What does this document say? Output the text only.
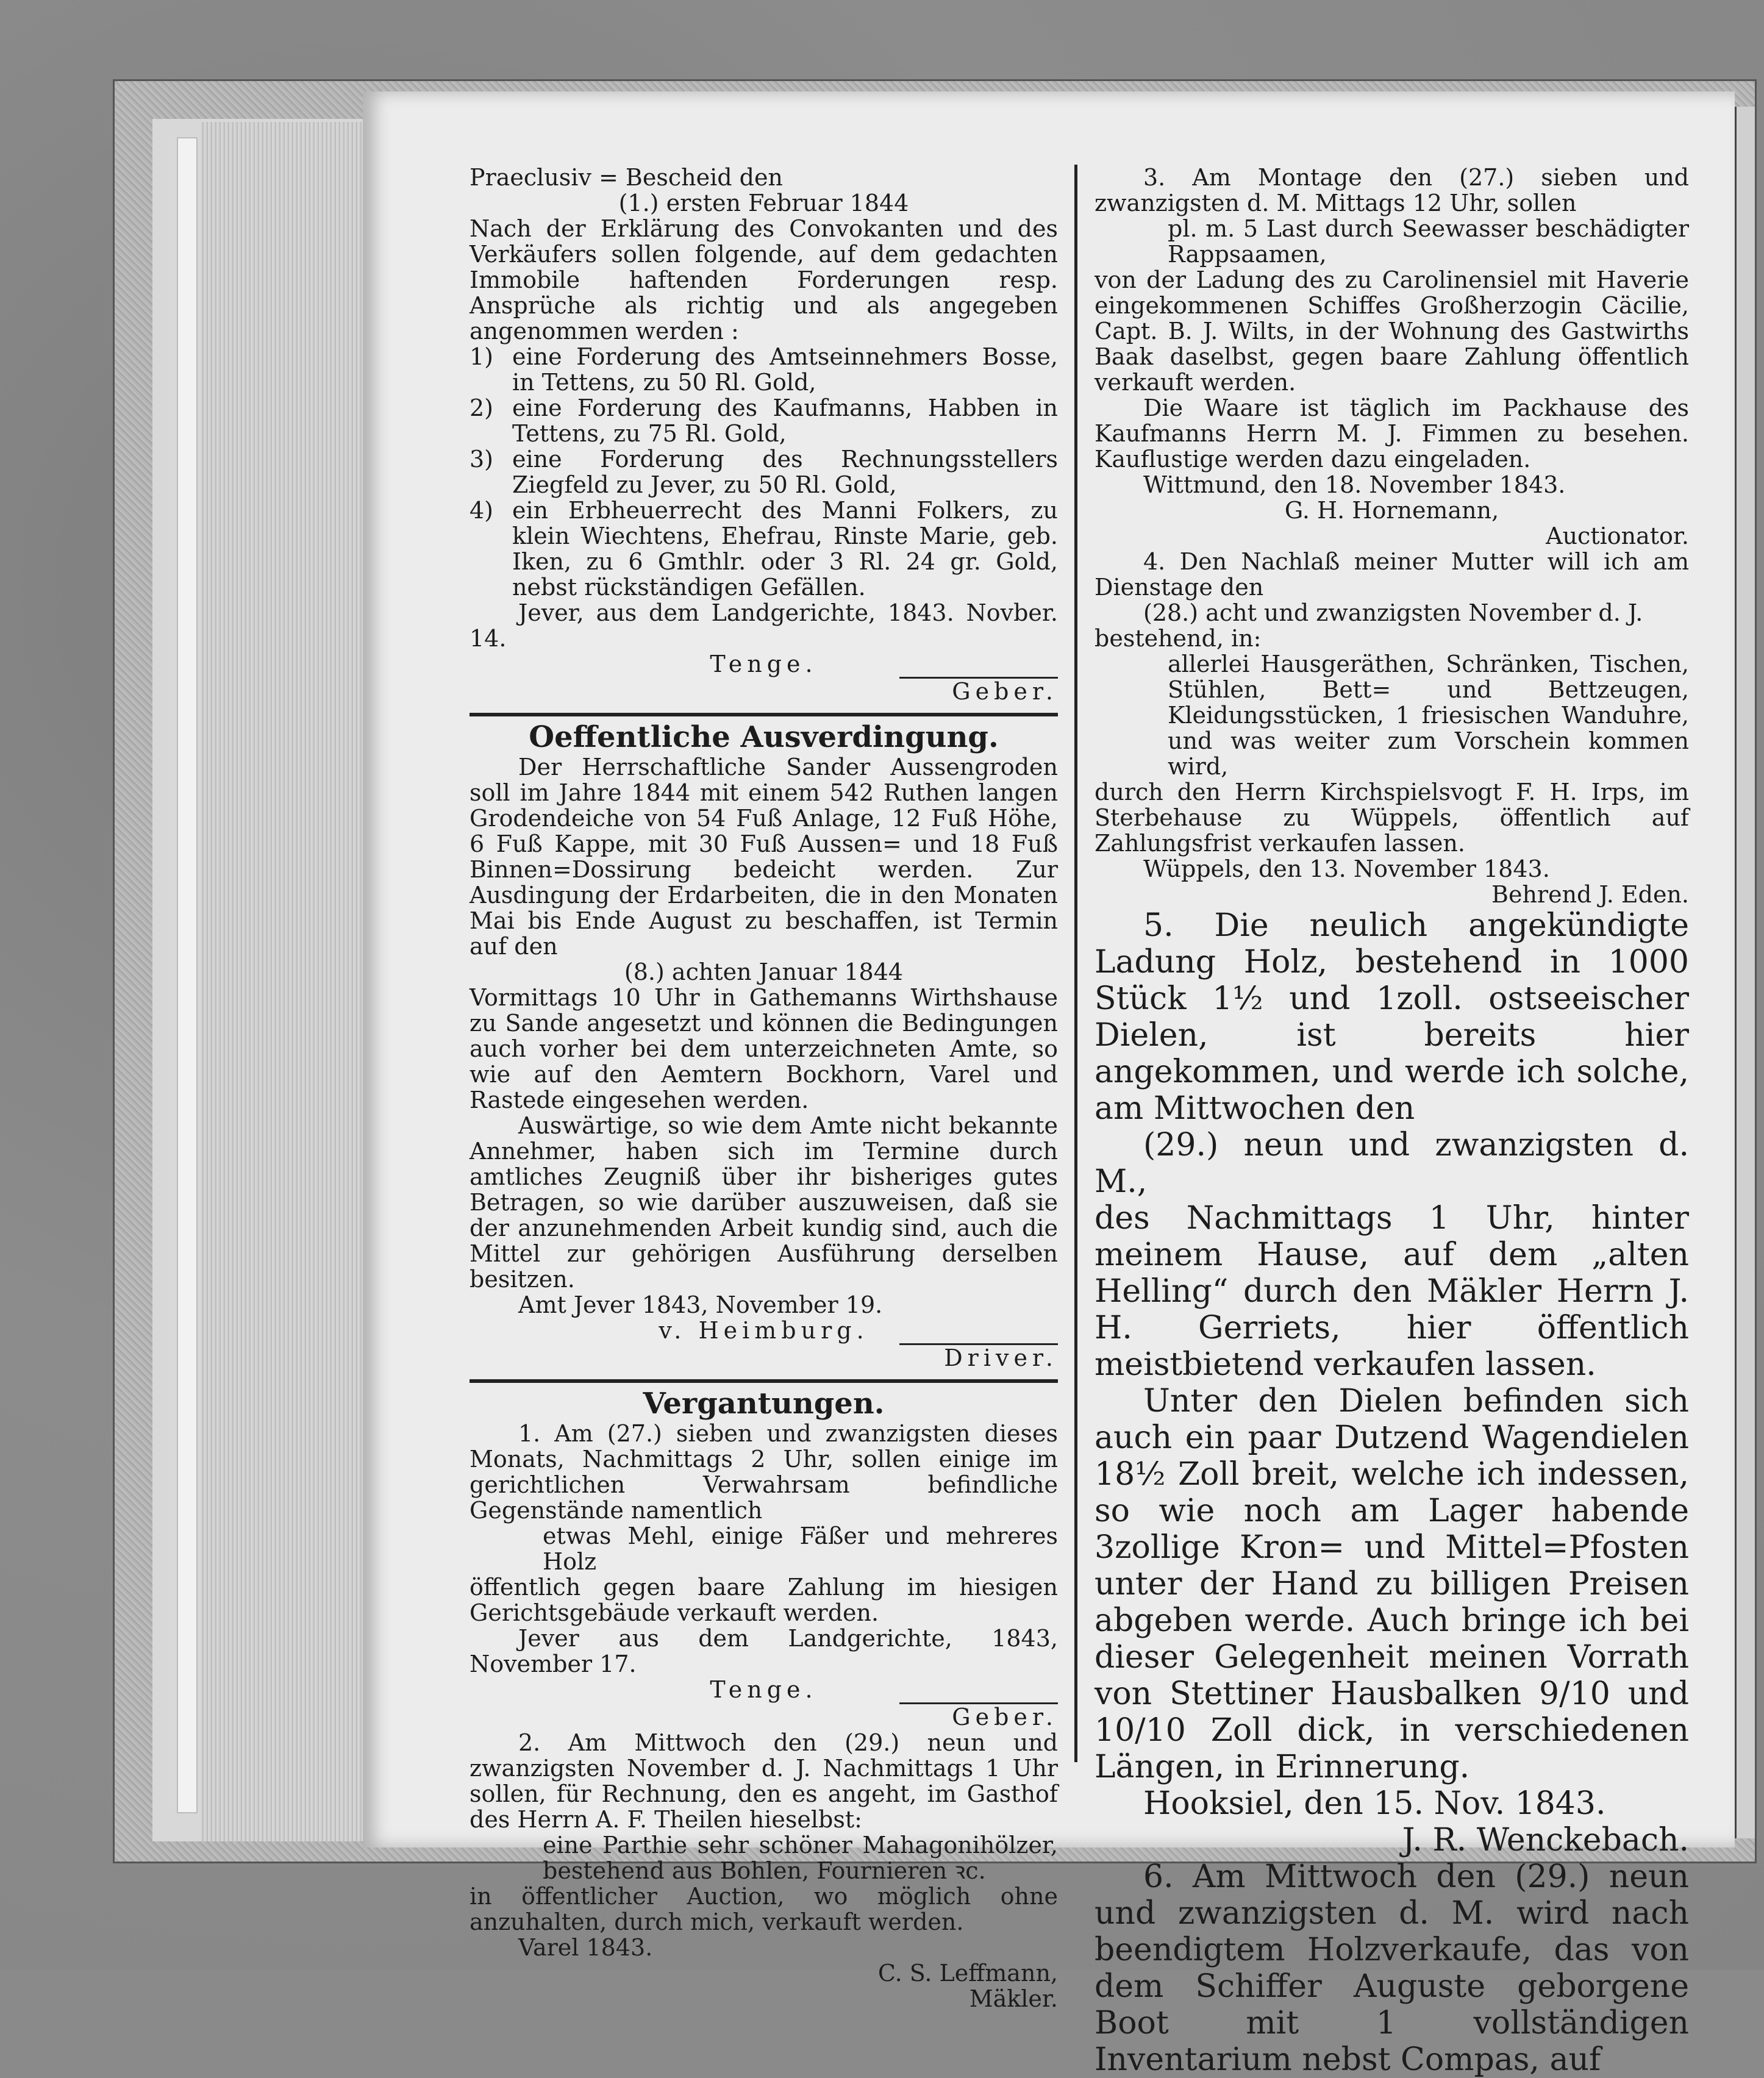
Praeclusiv = Bescheid den

(1.) ersten Februar 1844

Nach der Erklärung des Convokanten und des Verkäufers sollen folgende, auf dem gedachten Immobile haftenden Forderungen resp. Ansprüche als richtig und als angegeben angenommen werden :

1) eine Forderung des Amtseinnehmers Bosse, in Tettens, zu 50 Rl. Gold,
2) eine Forderung des Kaufmanns, Habben in Tettens, zu 75 Rl. Gold,
3) eine Forderung des Rechnungsstellers Ziegfeld zu Jever, zu 50 Rl. Gold,
4) ein Erbheuerrecht des Manni Folkers, zu klein Wiechtens, Ehefrau, Rinste Marie, geb. Iken, zu 6 Gmthlr. oder 3 Rl. 24 gr. Gold, nebst rückständigen Gefällen.

Jever, aus dem Landgerichte, 1843. Novber. 14.

Tenge.

Geber.

Oeffentliche Ausverdingung.

Der Herrschaftliche Sander Aussengroden soll im Jahre 1844 mit einem 542 Ruthen langen Grodendeiche von 54 Fuß Anlage, 12 Fuß Höhe, 6 Fuß Kappe, mit 30 Fuß Aussen= und 18 Fuß Binnen=Dossirung bedeicht werden. Zur Ausdingung der Erdarbeiten, die in den Monaten Mai bis Ende August zu beschaffen, ist Termin auf den

(8.) achten Januar 1844

Vormittags 10 Uhr in Gathemanns Wirthshause zu Sande angesetzt und können die Bedingungen auch vorher bei dem unterzeichneten Amte, so wie auf den Aemtern Bockhorn, Varel und Rastede eingesehen werden.

Auswärtige, so wie dem Amte nicht bekannte Annehmer, haben sich im Termine durch amtliches Zeugniß über ihr bisheriges gutes Betragen, so wie darüber auszuweisen, daß sie der anzunehmenden Arbeit kundig sind, auch die Mittel zur gehörigen Ausführung derselben besitzen.

Amt Jever 1843, November 19.

v. Heimburg.

Driver.

Vergantungen.

1. Am (27.) sieben und zwanzigsten dieses Monats, Nachmittags 2 Uhr, sollen einige im gerichtlichen Verwahrsam befindliche Gegenstände namentlich

etwas Mehl, einige Fäßer und mehreres Holz

öffentlich gegen baare Zahlung im hiesigen Gerichtsgebäude verkauft werden.

Jever aus dem Landgerichte, 1843, November 17.

Tenge.

Geber.

2. Am Mittwoch den (29.) neun und zwanzigsten November d. J. Nachmittags 1 Uhr sollen, für Rechnung, den es angeht, im Gasthof des Herrn A. F. Theilen hieselbst:

eine Parthie sehr schöner Mahagonihölzer, bestehend aus Bohlen, Fournieren ꝛc.

in öffentlicher Auction, wo möglich ohne anzuhalten, durch mich, verkauft werden.

Varel 1843.

C. S. Leffmann,

Mäkler.

3. Am Montage den (27.) sieben und zwanzigsten d. M. Mittags 12 Uhr, sollen

pl. m. 5 Last durch Seewasser beschädigter Rappsaamen,

von der Ladung des zu Carolinensiel mit Haverie eingekommenen Schiffes Großherzogin Cäcilie, Capt. B. J. Wilts, in der Wohnung des Gastwirths Baak daselbst, gegen baare Zahlung öffentlich verkauft werden.

Die Waare ist täglich im Packhause des Kaufmanns Herrn M. J. Fimmen zu besehen. Kauflustige werden dazu eingeladen.

Wittmund, den 18. November 1843.

G. H. Hornemann,

Auctionator.

4. Den Nachlaß meiner Mutter will ich am Dienstage den

(28.) acht und zwanzigsten November d. J.

bestehend, in:

allerlei Hausgeräthen, Schränken, Tischen, Stühlen, Bett= und Bettzeugen, Kleidungsstücken, 1 friesischen Wanduhre, und was weiter zum Vorschein kommen wird,

durch den Herrn Kirchspielsvogt F. H. Irps, im Sterbehause zu Wüppels, öffentlich auf Zahlungsfrist verkaufen lassen.

Wüppels, den 13. November 1843.

Behrend J. Eden.

5. Die neulich angekündigte Ladung Holz, bestehend in 1000 Stück 1½ und 1zoll. ostseeischer Dielen, ist bereits hier angekommen, und werde ich solche, am Mittwochen den

(29.) neun und zwanzigsten d. M.,

des Nachmittags 1 Uhr, hinter meinem Hause, auf dem „alten Helling“ durch den Mäkler Herrn J. H. Gerriets, hier öffentlich meistbietend verkaufen lassen.

Unter den Dielen befinden sich auch ein paar Dutzend Wagendielen 18½ Zoll breit, welche ich indessen, so wie noch am Lager habende 3zollige Kron= und Mittel=Pfosten unter der Hand zu billigen Preisen abgeben werde. Auch bringe ich bei dieser Gelegenheit meinen Vorrath von Stettiner Hausbalken 9/10 und 10/10 Zoll dick, in verschiedenen Längen, in Erinnerung.

Hooksiel, den 15. Nov. 1843.

J. R. Wenckebach.

6. Am Mittwoch den (29.) neun und zwanzigsten d. M. wird nach beendigtem Holzverkaufe, das von dem Schiffer Auguste geborgene Boot mit 1 vollständigen Inventarium nebst Compas, auf
